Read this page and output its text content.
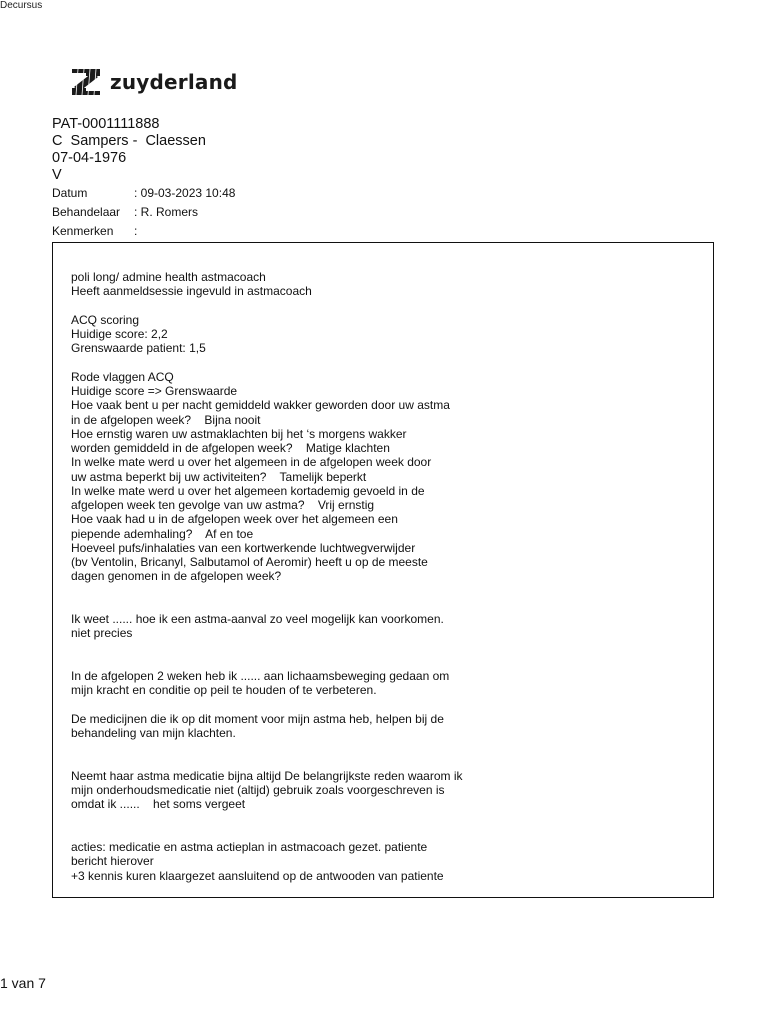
Decursus
zuyderland
PAT-0001111888
C  Sampers -  Claessen
07-04-1976
V
Datum	: 09-03-2023 10:48
Behandelaar : R. Romers
Kenmerken :
poli long/ admine health astmacoach
Heeft aanmeldsessie ingevuld in astmacoach
ACQ scoring
Huidige score: 2,2
Grenswaarde patient: 1,5
Rode vlaggen ACQ
Huidige score => Grenswaarde
Hoe vaak bent u per nacht gemiddeld wakker geworden door uw astma
in de afgelopen week?    Bijna nooit
Hoe ernstig waren uw astmaklachten bij het ‘s morgens wakker
worden gemiddeld in de afgelopen week?    Matige klachten
In welke mate werd u over het algemeen in de afgelopen week door
uw astma beperkt bij uw activiteiten?    Tamelijk beperkt
In welke mate werd u over het algemeen kortademig gevoeld in de
afgelopen week ten gevolge van uw astma?    Vrij ernstig
Hoe vaak had u in de afgelopen week over het algemeen een
piepende ademhaling?    Af en toe
Hoeveel pufs/inhalaties van een kortwerkende luchtwegverwijder
(bv Ventolin, Bricanyl, Salbutamol of Aeromir) heeft u op de meeste
dagen genomen in de afgelopen week?
Ik weet ...... hoe ik een astma-aanval zo veel mogelijk kan voorkomen.
niet precies
In de afgelopen 2 weken heb ik ...... aan lichaamsbeweging gedaan om
mijn kracht en conditie op peil te houden of te verbeteren.
De medicijnen die ik op dit moment voor mijn astma heb, helpen bij de
behandeling van mijn klachten.
Neemt haar astma medicatie bijna altijd De belangrijkste reden waarom ik
mijn onderhoudsmedicatie niet (altijd) gebruik zoals voorgeschreven is
omdat ik ......    het soms vergeet
acties: medicatie en astma actieplan in astmacoach gezet. patiente
bericht hierover
+3 kennis kuren klaargezet aansluitend op de antwooden van patiente
1 van 7
